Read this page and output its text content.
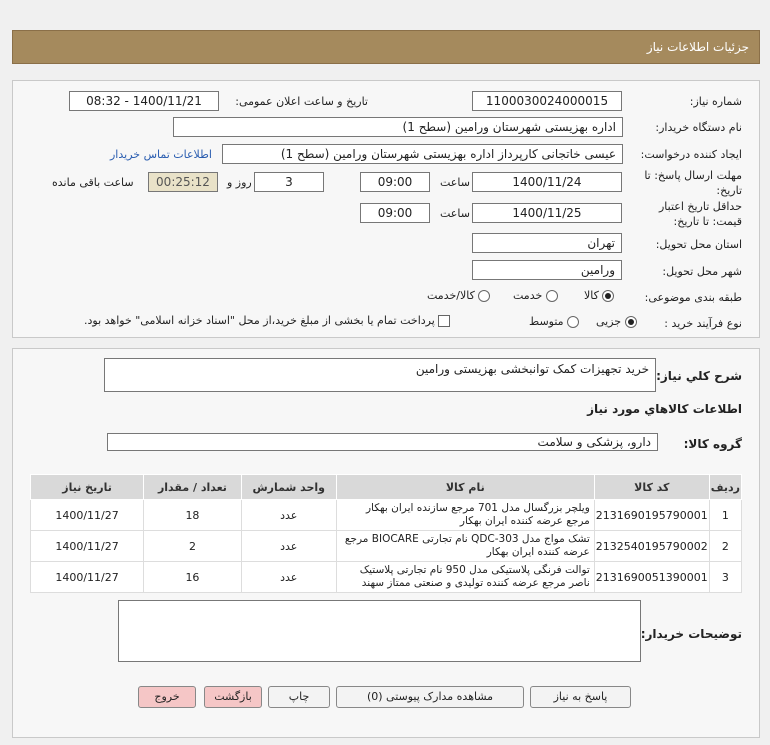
جزئیات اطلاعات نیاز
شماره نیاز:
1100030024000015
تاریخ و ساعت اعلان عمومی:
1400/11/21 - 08:32
نام دستگاه خریدار:
اداره بهزیستی شهرستان ورامین (سطح 1)
ایجاد کننده درخواست:
عیسی خاتجانی کارپرداز اداره بهزیستی شهرستان ورامین (سطح 1)
اطلاعات تماس خریدار
مهلت ارسال پاسخ: تا تاریخ:
1400/11/24
ساعت
09:00
3
روز و
00:25:12
ساعت باقی مانده
حداقل تاریخ اعتبار قیمت: تا تاریخ:
1400/11/25
ساعت
09:00
استان محل تحویل:
تهران
شهر محل تحویل:
ورامین
طبقه بندی موضوعی:
کالا
خدمت
کالا/خدمت
نوع فرآیند خرید :
جزیی
متوسط
پرداخت تمام یا بخشی از مبلغ خرید،از محل "اسناد خزانه اسلامی" خواهد بود.
شرح کلي نياز:
خرید تجهیزات کمک توانبخشی بهزیستی ورامین
اطلاعات کالاهاي مورد نياز
گروه کالا:
دارو، پزشکی و سلامت
ردیف	کد کالا	نام کالا	واحد شمارش	تعداد / مقدار	تاریخ نیاز
1	2131690195790001	ویلچر بزرگسال مدل 701 مرجع سازنده ایران بهکار مرجع عرضه کننده ایران بهکار	عدد	18	1400/11/27
2	2132540195790002	تشک مواج مدل QDC-303 نام تجارتی BIOCARE مرجع عرضه کننده ایران بهکار	عدد	2	1400/11/27
3	2131690051390001	توالت فرنگی پلاستیکی مدل 950 نام تجارتی پلاستیک ناصر مرجع عرضه کننده تولیدی و صنعتی ممتاز سهند	عدد	16	1400/11/27
توضیحات خریدار:
پاسخ به نیاز
مشاهده مدارک پیوستی (0)
چاپ
بازگشت
خروج
